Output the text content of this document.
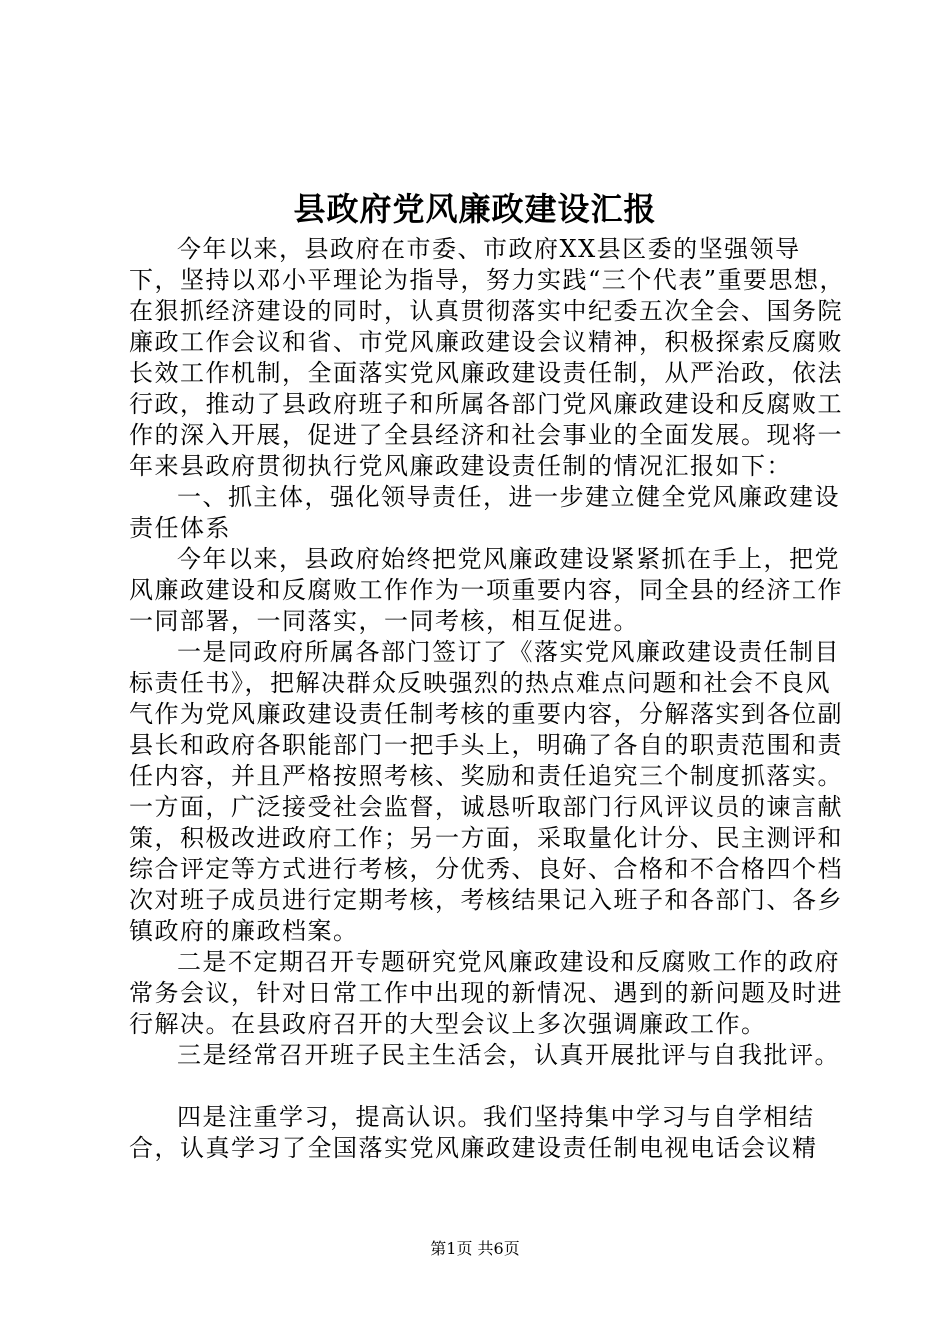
县政府党风廉政建设汇报

今年以来，县政府在市委、市政府XX县区委的坚强领导下，坚持以邓小平理论为指导，努力实践“三个代表”重要思想，在狠抓经济建设的同时，认真贯彻落实中纪委五次全会、国务院廉政工作会议和省、市党风廉政建设会议精神，积极探索反腐败长效工作机制，全面落实党风廉政建设责任制，从严治政，依法行政，推动了县政府班子和所属各部门党风廉政建设和反腐败工作的深入开展，促进了全县经济和社会事业的全面发展。现将一年来县政府贯彻执行党风廉政建设责任制的情况汇报如下：

一、抓主体，强化领导责任，进一步建立健全党风廉政建设责任体系

今年以来，县政府始终把党风廉政建设紧紧抓在手上，把党风廉政建设和反腐败工作作为一项重要内容，同全县的经济工作一同部署，一同落实，一同考核，相互促进。

一是同政府所属各部门签订了《落实党风廉政建设责任制目标责任书》，把解决群众反映强烈的热点难点问题和社会不良风气作为党风廉政建设责任制考核的重要内容，分解落实到各位副县长和政府各职能部门一把手头上，明确了各自的职责范围和责任内容，并且严格按照考核、奖励和责任追究三个制度抓落实。一方面，广泛接受社会监督，诚恳听取部门行风评议员的谏言献策，积极改进政府工作；另一方面，采取量化计分、民主测评和综合评定等方式进行考核，分优秀、良好、合格和不合格四个档次对班子成员进行定期考核，考核结果记入班子和各部门、各乡镇政府的廉政档案。

二是不定期召开专题研究党风廉政建设和反腐败工作的政府常务会议，针对日常工作中出现的新情况、遇到的新问题及时进行解决。在县政府召开的大型会议上多次强调廉政工作。

三是经常召开班子民主生活会，认真开展批评与自我批评。

四是注重学习，提高认识。我们坚持集中学习与自学相结合，认真学习了全国落实党风廉政建设责任制电视电话会议精

第1页 共6页
